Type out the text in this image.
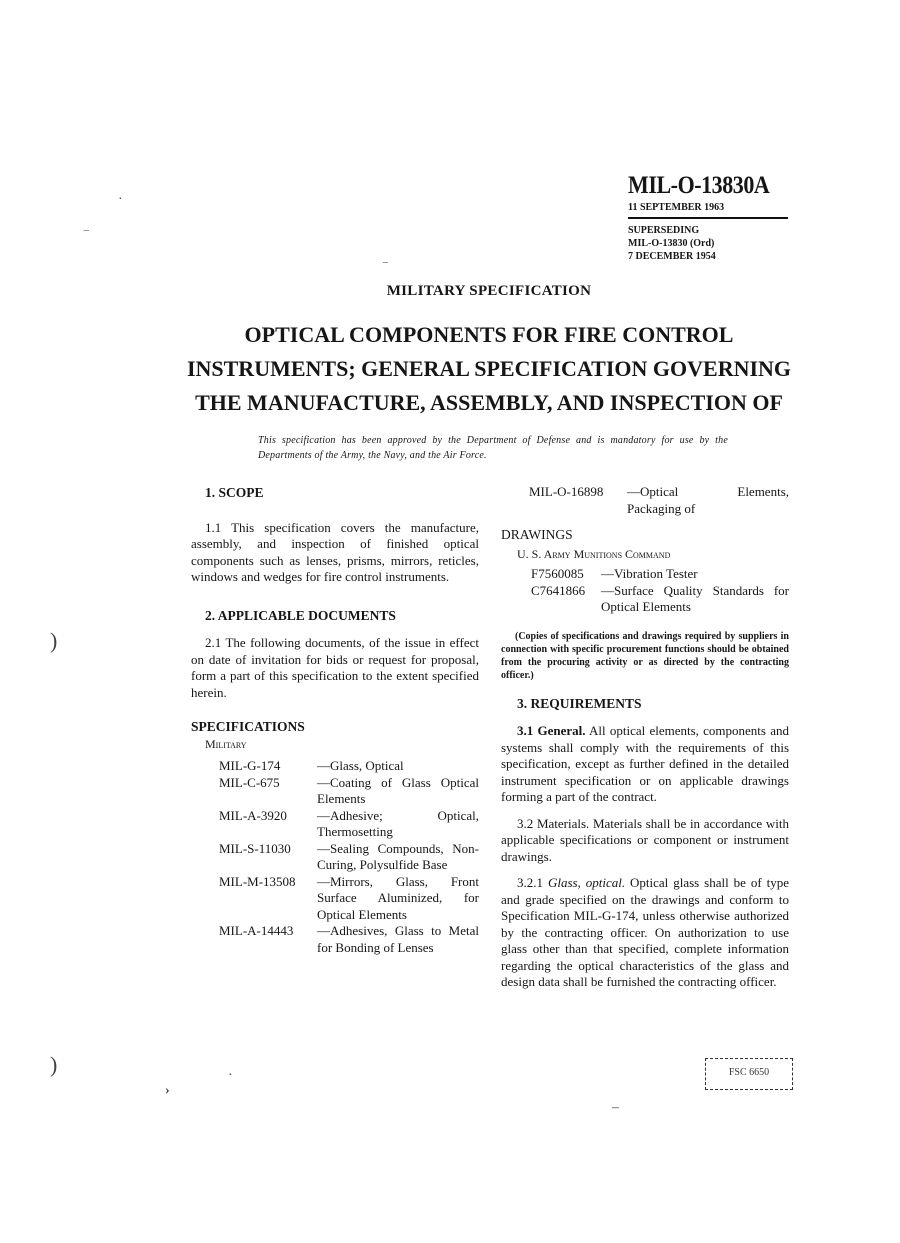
MIL-O-13830A
11 SEPTEMBER 1963
SUPERSEDING
MIL-O-13830 (Ord)
7 DECEMBER 1954
·
‾
‾
)
)
›
·
–
MILITARY SPECIFICATION
OPTICAL COMPONENTS FOR FIRE CONTROL
INSTRUMENTS; GENERAL SPECIFICATION GOVERNING
THE MANUFACTURE, ASSEMBLY, AND INSPECTION OF
This specification has been approved by the Department of Defense and is mandatory for use by the Departments of the Army, the Navy, and the Air Force.
1. SCOPE

1.1 This specification covers the manufacture, assembly, and inspection of finished optical components such as lenses, prisms, mirrors, reticles, windows and wedges for fire control instruments.

2. APPLICABLE DOCUMENTS

2.1 The following documents, of the issue in effect on date of invitation for bids or request for proposal, form a part of this specification to the extent specified herein.

SPECIFICATIONS
Military
MIL-G-174	—Glass, Optical
MIL-C-675	—Coating of Glass Optical Elements
MIL-A-3920	—Adhesive; Optical, Thermosetting
MIL-S-11030	—Sealing Compounds, Non-Curing, Polysulfide Base
MIL-M-13508	—Mirrors, Glass, Front Surface Aluminized, for Optical Elements
MIL-A-14443	—Adhesives, Glass to Metal for Bonding of Lenses
MIL-O-16898	—Optical Elements, Packaging of
DRAWINGS
U. S. Army Munitions Command
F7560085	—Vibration Tester
C7641866	—Surface Quality Standards for Optical Elements

(Copies of specifications and drawings required by suppliers in connection with specific procurement functions should be obtained from the procuring activity or as directed by the contracting officer.)

3. REQUIREMENTS

3.1 General. All optical elements, components and systems shall comply with the requirements of this specification, except as further defined in the detailed instrument specification or on applicable drawings forming a part of the contract.

3.2 Materials. Materials shall be in accordance with applicable specifications or component or instrument drawings.

3.2.1 Glass, optical. Optical glass shall be of type and grade specified on the drawings and conform to Specification MIL-G-174, unless otherwise authorized by the contracting officer. On authorization to use glass other than that specified, complete information regarding the optical characteristics of the glass and design data shall be furnished the contracting officer.

FSC 6650
